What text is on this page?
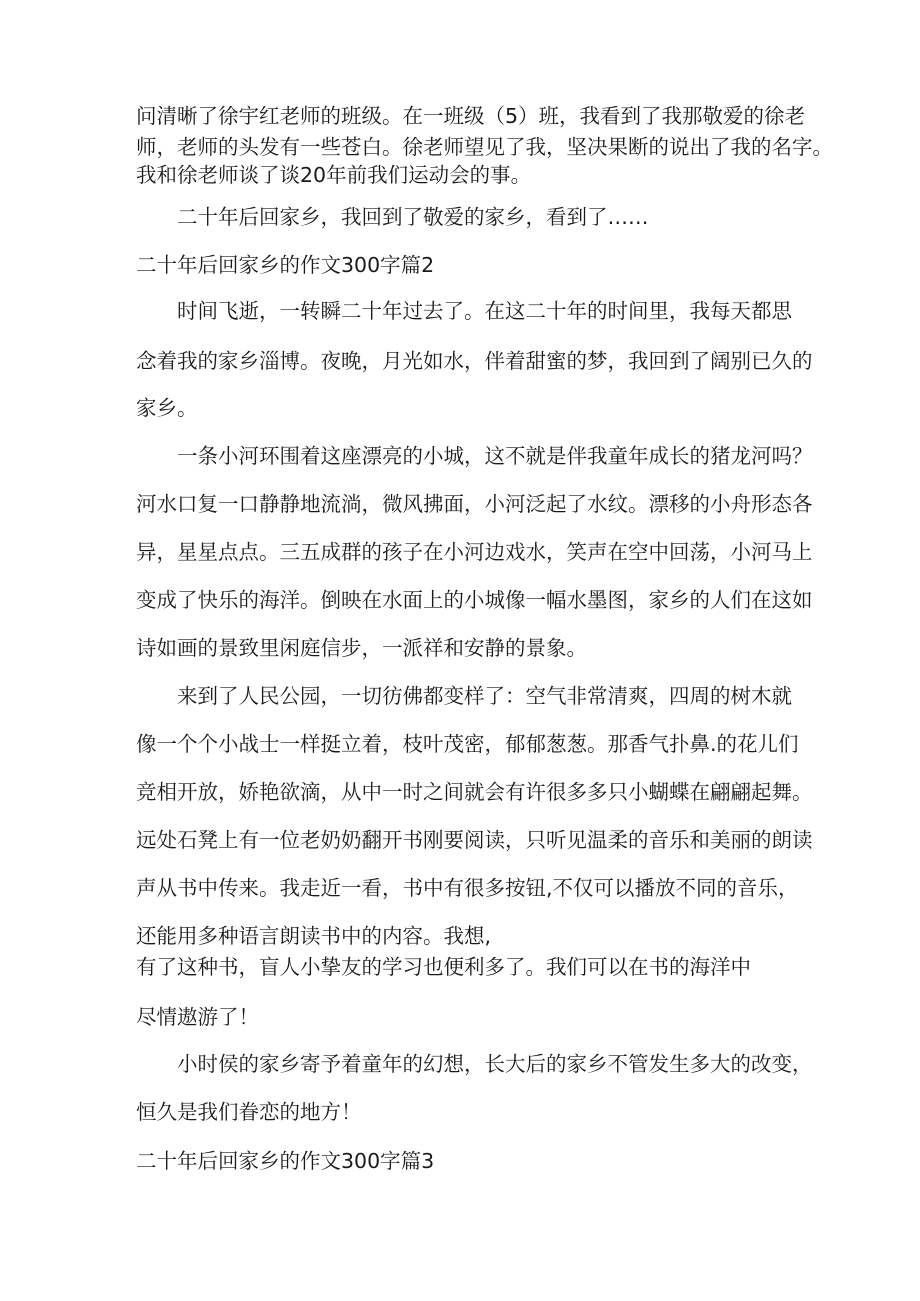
问清晰了徐宇红老师的班级。在一班级（5）班，我看到了我那敬爱的徐老
师，老师的头发有一些苍白。徐老师望见了我，坚决果断的说出了我的名字。
我和徐老师谈了谈20年前我们运动会的事。
二十年后回家乡，我回到了敬爱的家乡，看到了……
二十年后回家乡的作文300字篇2
时间飞逝，一转瞬二十年过去了。在这二十年的时间里，我每天都思
念着我的家乡淄博。夜晚，月光如水，伴着甜蜜的梦，我回到了阔别已久的
家乡。
一条小河环围着这座漂亮的小城，这不就是伴我童年成长的猪龙河吗？
河水口复一口静静地流淌，微风拂面，小河泛起了水纹。漂移的小舟形态各
异，星星点点。三五成群的孩子在小河边戏水，笑声在空中回荡，小河马上
变成了快乐的海洋。倒映在水面上的小城像一幅水墨图，家乡的人们在这如
诗如画的景致里闲庭信步，一派祥和安静的景象。
来到了人民公园，一切彷佛都变样了：空气非常清爽，四周的树木就
像一个个小战士一样挺立着，枝叶茂密，郁郁葱葱。那香气扑鼻.的花儿们
竞相开放，娇艳欲滴，从中一时之间就会有许很多多只小蝴蝶在翩翩起舞。
远处石凳上有一位老奶奶翻开书刚要阅读，只听见温柔的音乐和美丽的朗读
声从书中传来。我走近一看，书中有很多按钮,不仅可以播放不同的音乐，
还能用多种语言朗读书中的内容。我想,
有了这种书，盲人小挚友的学习也便利多了。我们可以在书的海洋中
尽情遨游了！
小时侯的家乡寄予着童年的幻想，长大后的家乡不管发生多大的改变，
恒久是我们眷恋的地方！
二十年后回家乡的作文300字篇3
